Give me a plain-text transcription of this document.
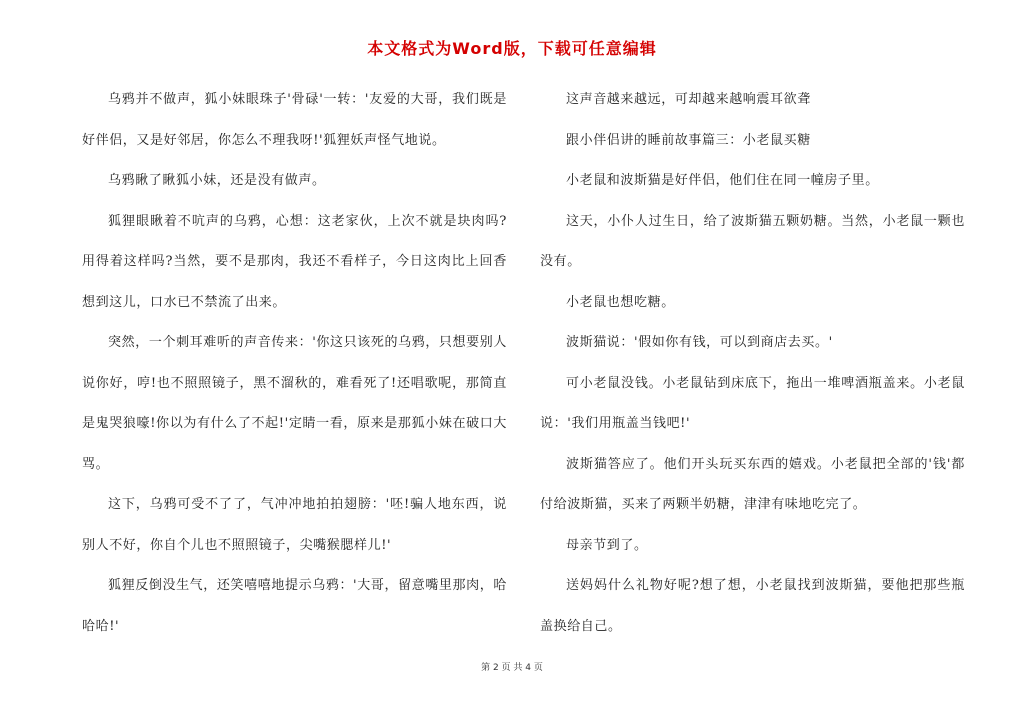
本文格式为Word版，下载可任意编辑

乌鸦并不做声，狐小妹眼珠子'骨碌'一转：'友爱的大哥，我们既是好伴侣，又是好邻居，你怎么不理我呀!'狐狸妖声怪气地说。

乌鸦瞅了瞅狐小妹，还是没有做声。

狐狸眼瞅着不吭声的乌鸦，心想：这老家伙，上次不就是块肉吗?用得着这样吗?当然，要不是那肉，我还不看样子，今日这肉比上回香想到这儿，口水已不禁流了出来。

突然，一个刺耳难听的声音传来：'你这只该死的乌鸦，只想要别人说你好，哼!也不照照镜子，黑不溜秋的，难看死了!还唱歌呢，那简直是鬼哭狼嚎!你以为有什么了不起!'定睛一看，原来是那狐小妹在破口大骂。

这下，乌鸦可受不了了，气冲冲地拍拍翅膀：'呸!骗人地东西，说别人不好，你自个儿也不照照镜子，尖嘴猴腮样儿!'

狐狸反倒没生气，还笑嘻嘻地提示乌鸦：'大哥，留意嘴里那肉，哈哈哈!'

这声音越来越远，可却越来越响震耳欲聋

跟小伴侣讲的睡前故事篇三：小老鼠买糖

小老鼠和波斯猫是好伴侣，他们住在同一幢房子里。

这天，小仆人过生日，给了波斯猫五颗奶糖。当然，小老鼠一颗也没有。

小老鼠也想吃糖。

波斯猫说：'假如你有钱，可以到商店去买。'

可小老鼠没钱。小老鼠钻到床底下，拖出一堆啤酒瓶盖来。小老鼠说：'我们用瓶盖当钱吧!'

波斯猫答应了。他们开头玩买东西的嬉戏。小老鼠把全部的'钱'都付给波斯猫，买来了两颗半奶糖，津津有味地吃完了。

母亲节到了。

送妈妈什么礼物好呢?想了想，小老鼠找到波斯猫，要他把那些瓶盖换给自己。

第 2 页 共 4 页
